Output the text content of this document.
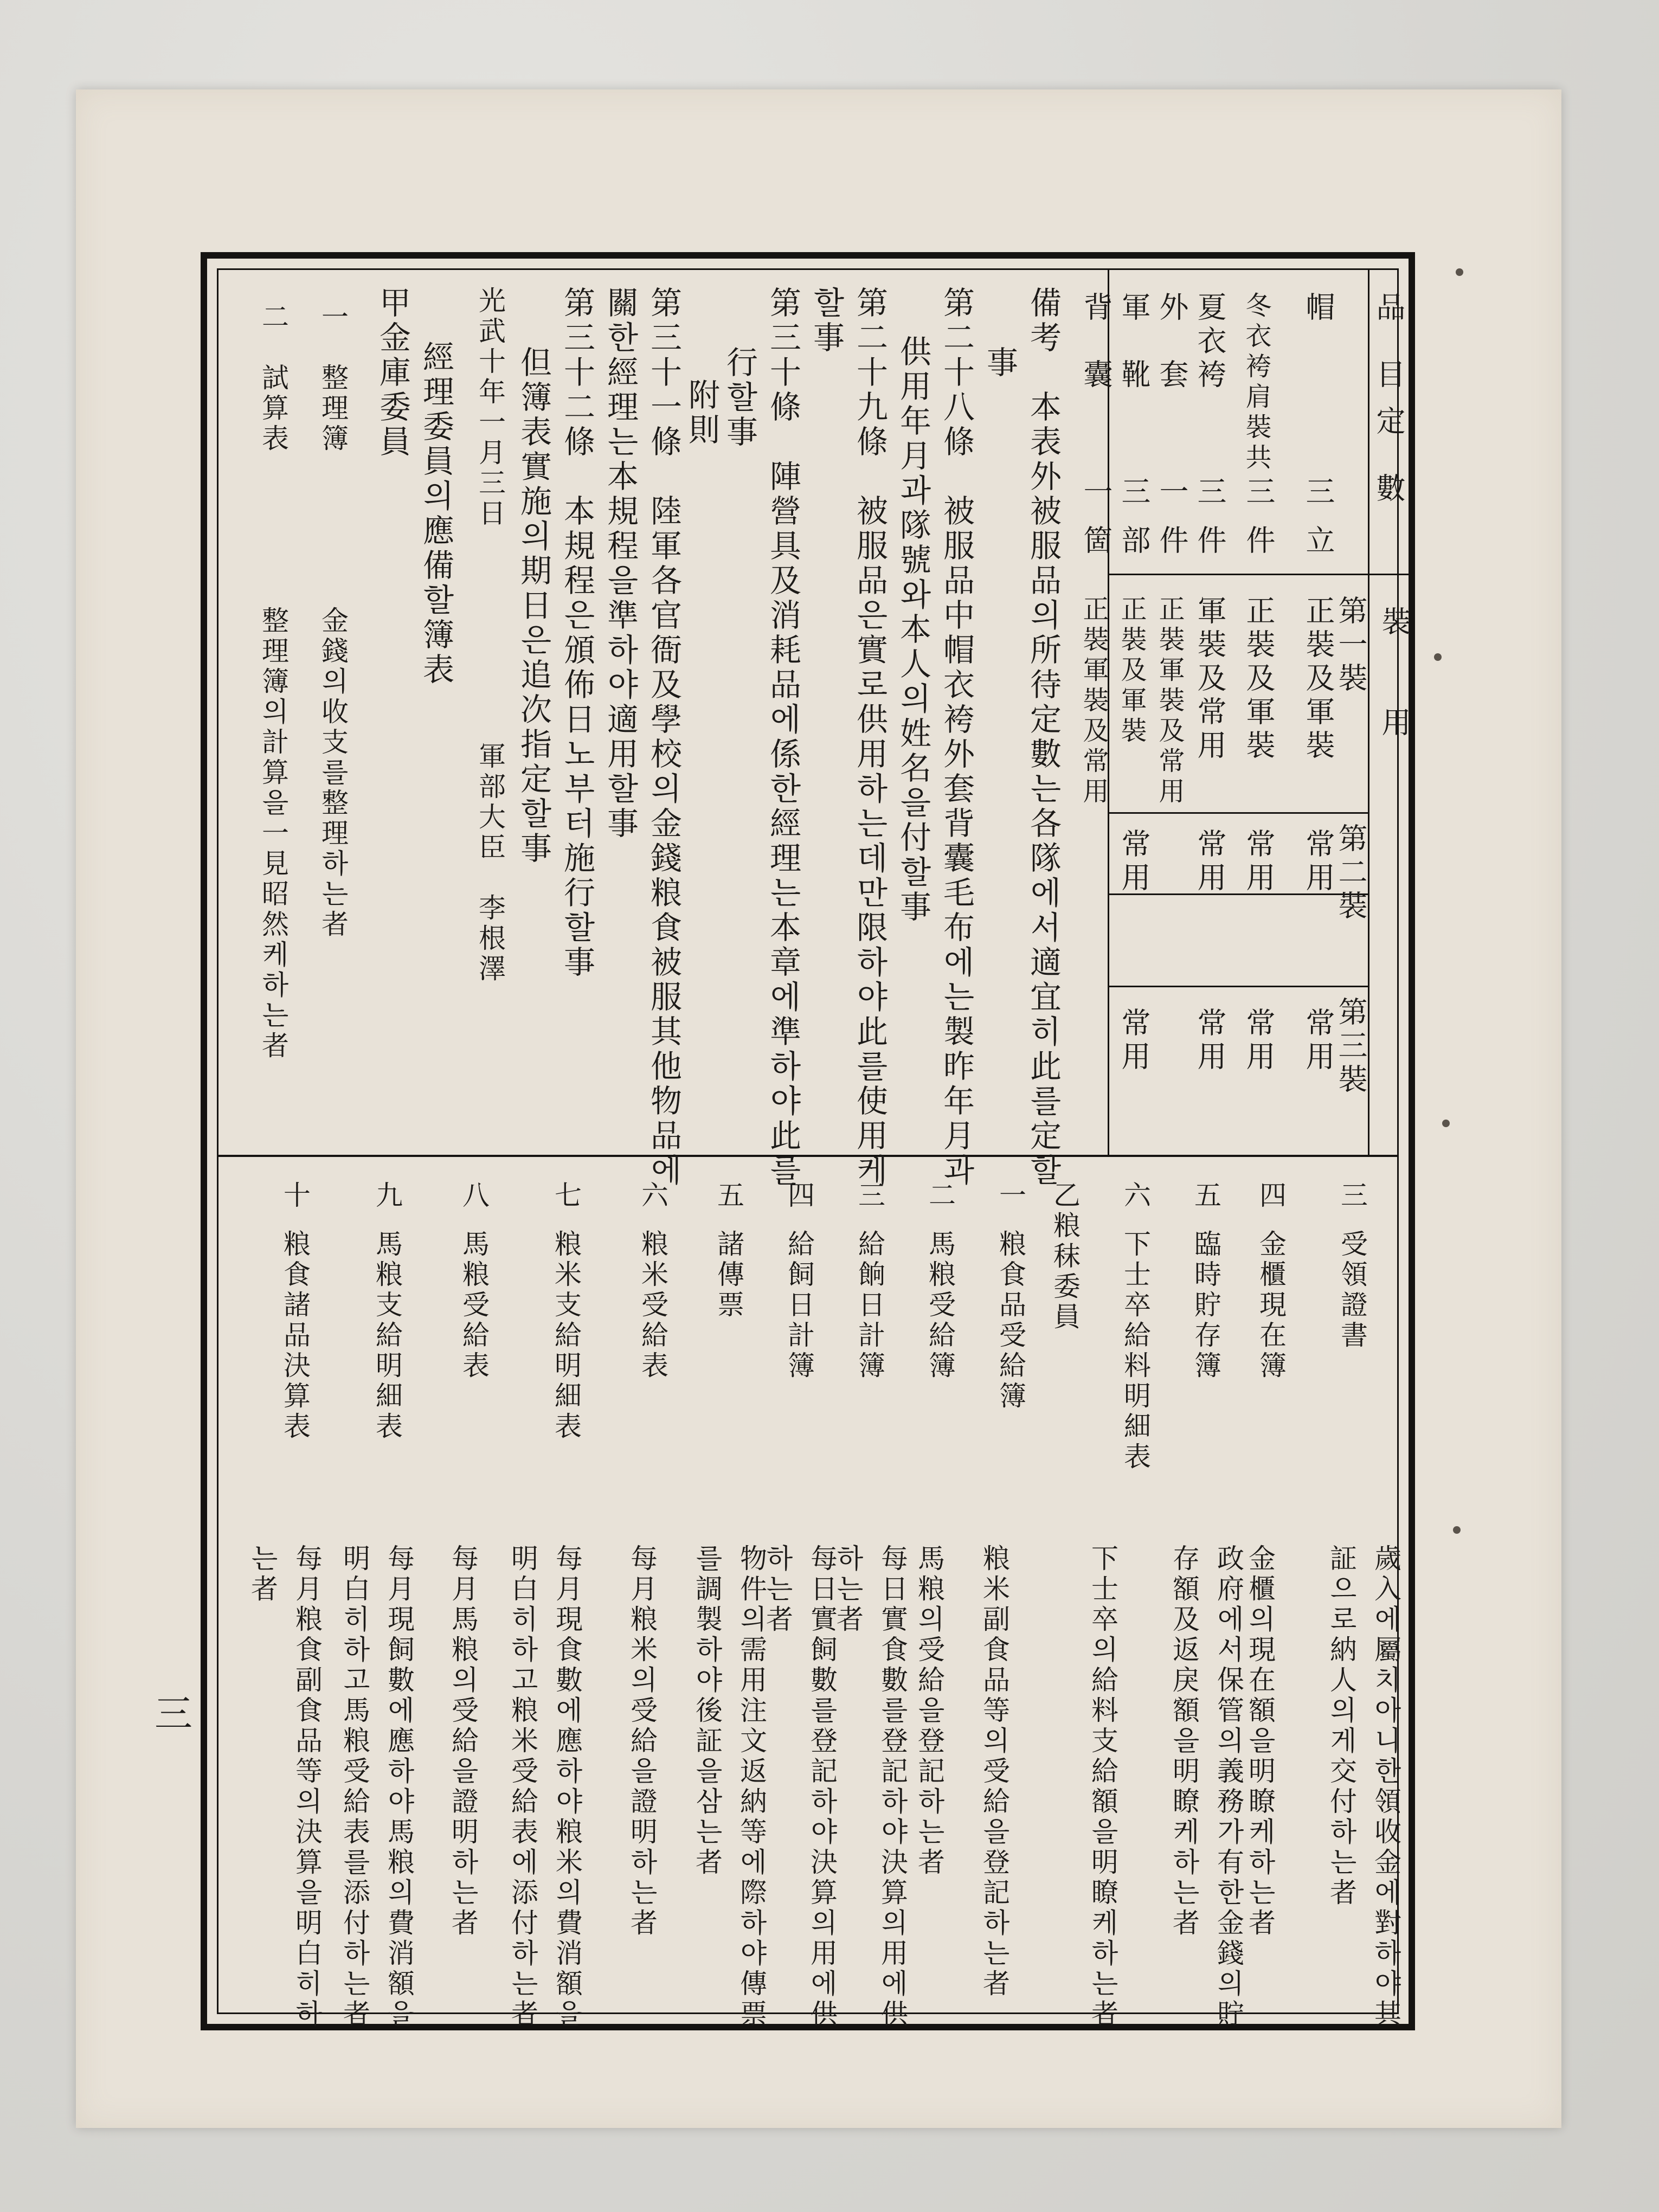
品　目
定　數
裝　　用
第一裝
第二裝
第三裝
帽
三
立
正裝及軍裝
常用
常用
冬衣袴肩裝共
三
件
正裝及軍裝
常用
常用
夏衣袴
三
件
軍裝及常用
常用
常用
外　套
一
件
正裝軍裝及常用
軍　靴
三
部
正裝及軍裝
常用
常用
背　囊
一
箇
正裝軍裝及常用
備考　本表外被服品의所待定數는各隊에서適宜히此를定할
事
第二十八條　被服品中帽衣袴外套背囊毛布에는製昨年月과
供用年月과隊號와本人의姓名을付할事
第二十九條　被服品은實로供用하는데만限하야此를使用케
할事
第三十條　陣營具及消耗品에係한經理는本章에準하야此를
行할事
附則
第三十一條　陸軍各官衙及學校의金錢粮食被服其他物品에
關한經理는本規程을準하야適用할事
第三十二條　本規程은頒佈日노부터施行할事
但簿表實施의期日은追次指定할事
光武十年一月三日　　　　　　　軍部大臣　李根澤
經理委員의應備할簿表
甲金庫委員
一　整理簿　　　　　金錢의收支를整理하는者
二　試算表　　　　　整理簿의計算을一見昭然케하는者
三
受領證書
歲入에屬치아니한領收金에對하야其証으로納人의게交付하는者
四
金櫃現在簿
金櫃의現在額을明瞭케하는者
五
臨時貯存簿
政府에서保管의義務가有한金錢의貯存額及返戾額을明瞭케하는者
六
下士卒給料明細表
下士卒의給料支給額을明瞭케하는者
乙粮秣委員
一
粮食品受給簿
粮米副食品等의受給을登記하는者
二
馬粮受給簿
馬粮의受給을登記하는者
三
給餉日計簿
每日實食數를登記하야決算의用에供하는者
四
給飼日計簿
每日實飼數를登記하야決算의用에供하는者
五
諸傳票
物件의需用注文返納等에際하야傳票를調製하야後証을삼는者
六
粮米受給表
每月粮米의受給을證明하는者
七
粮米支給明細表
每月現食數에應하야粮米의費消額을明白히하고粮米受給表에添付하는者
八
馬粮受給表
每月馬粮의受給을證明하는者
九
馬粮支給明細表
每月現飼數에應하야馬粮의費消額을明白히하고馬粮受給表를添付하는者
十
粮食諸品決算表
每月粮食副食品等의決算을明白히하는者
三
